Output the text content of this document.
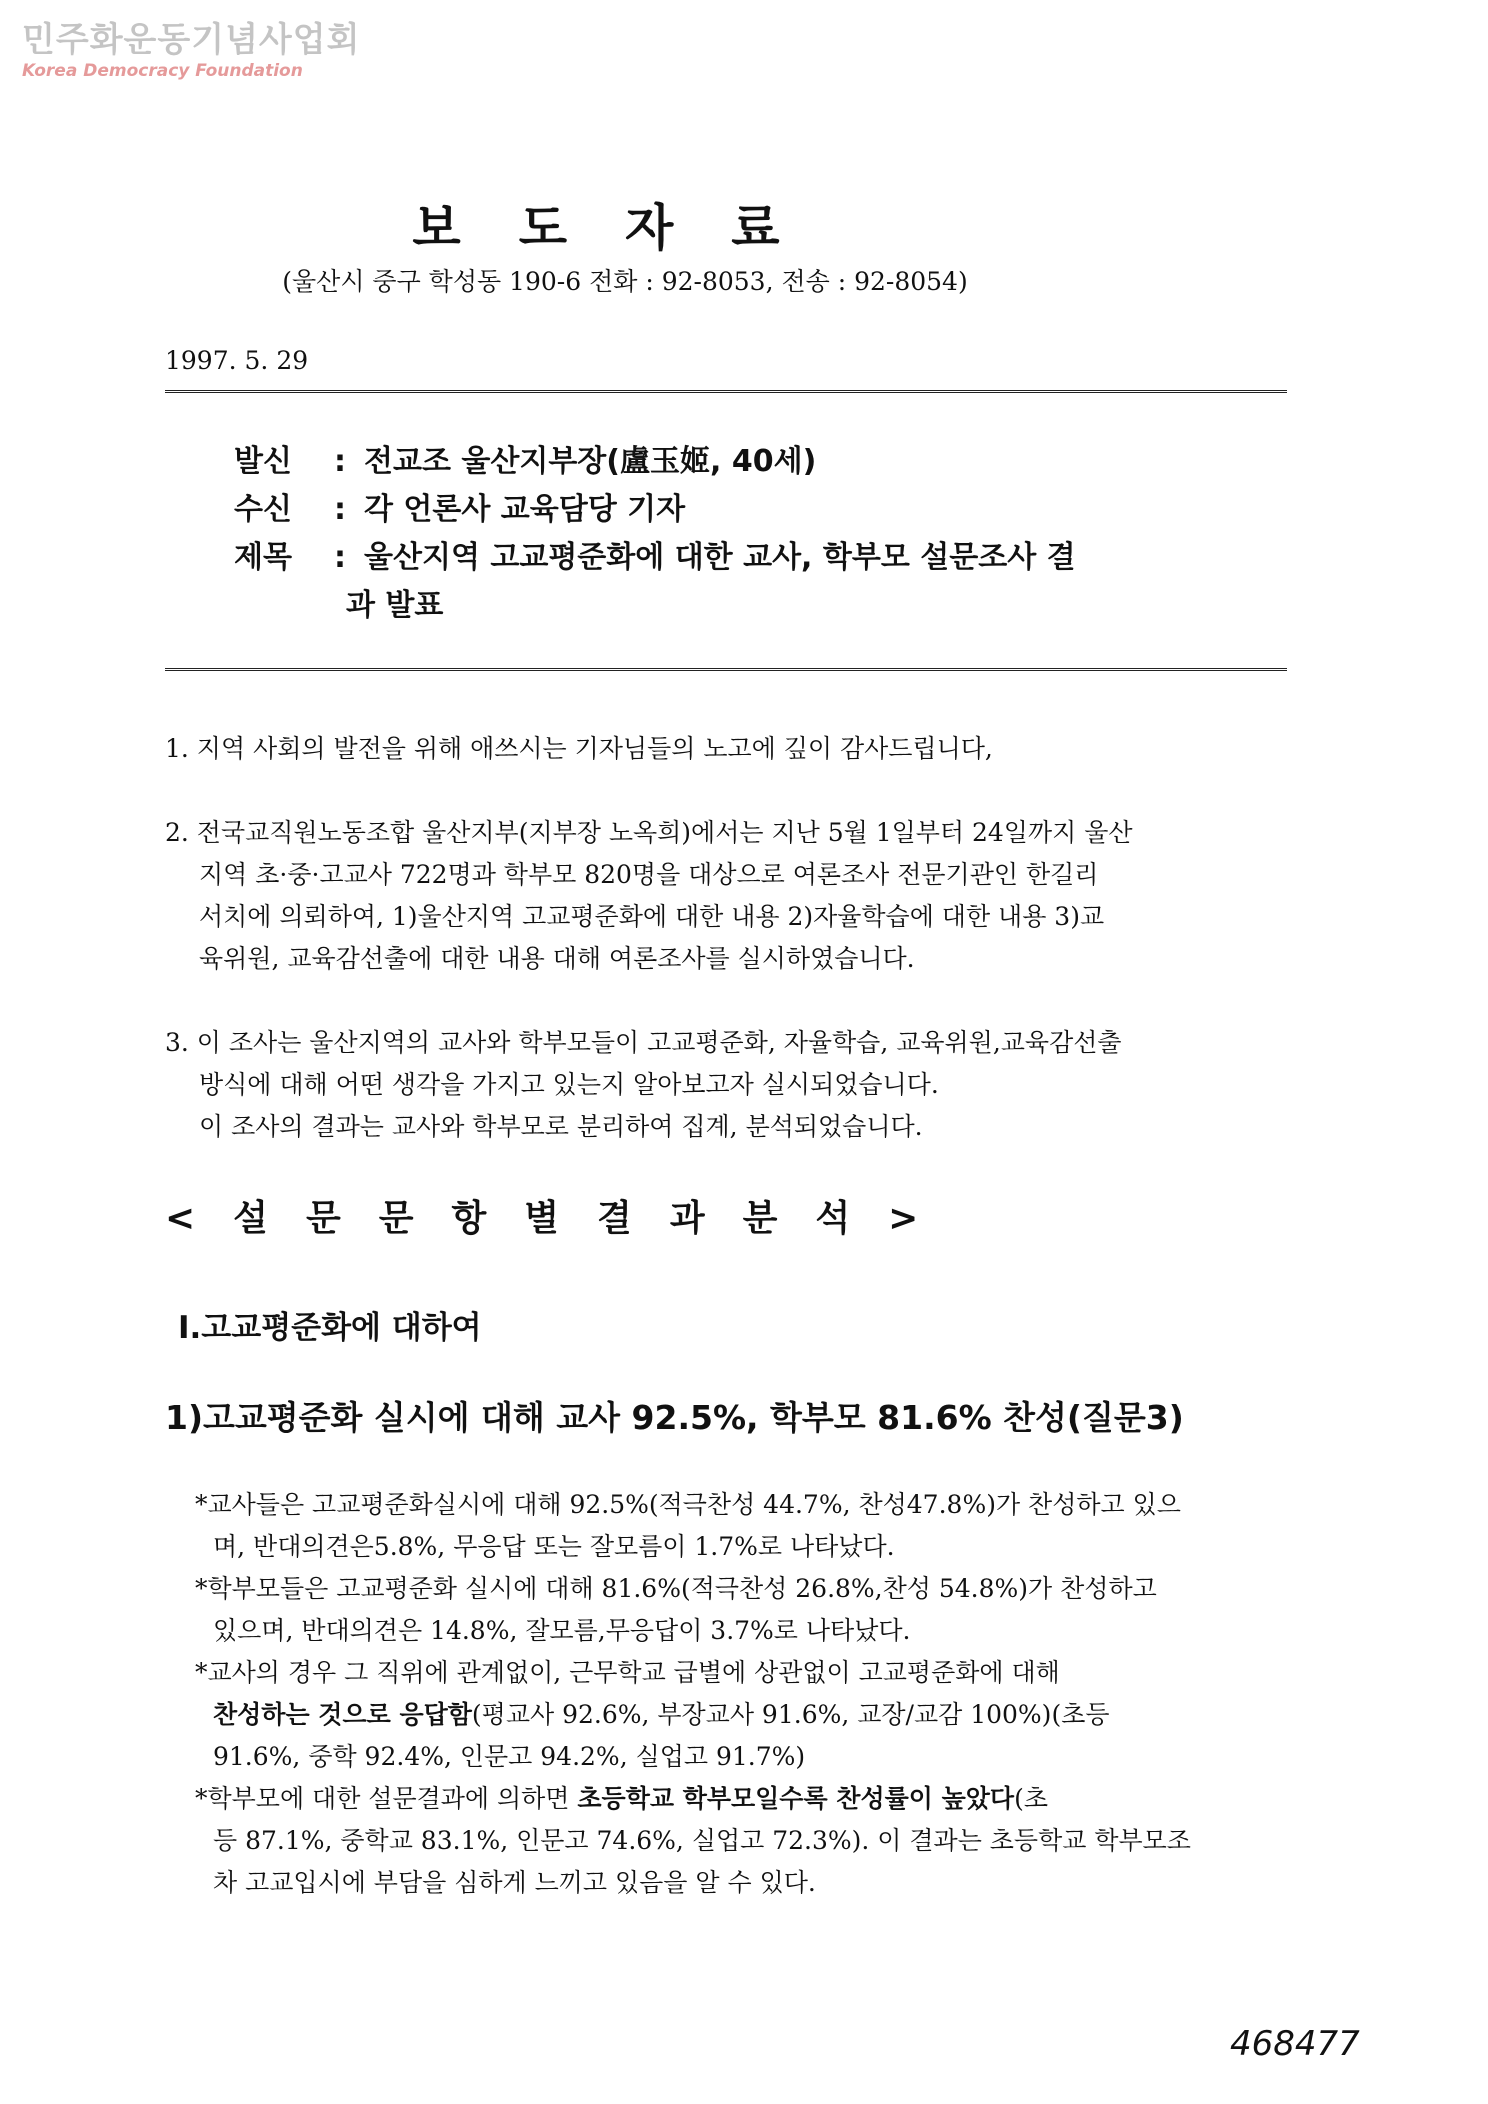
민주화운동기념사업회
Korea Democracy Foundation
보도자료
(울산시 중구 학성동 190-6 전화 : 92-8053, 전송 : 92-8054)
1997. 5. 29
발신 : 전교조 울산지부장(盧玉姬, 40세)
수신 : 각 언론사 교육담당 기자
제목 : 울산지역 고교평준화에 대한 교사, 학부모 설문조사 결
과 발표
1. 지역 사회의 발전을 위해 애쓰시는 기자님들의 노고에 깊이 감사드립니다,
2. 전국교직원노동조합 울산지부(지부장 노옥희)에서는 지난 5월 1일부터 24일까지 울산
지역 초·중·고교사 722명과 학부모 820명을 대상으로 여론조사 전문기관인 한길리
서치에 의뢰하여, 1)울산지역 고교평준화에 대한 내용 2)자율학습에 대한 내용 3)교
육위원, 교육감선출에 대한 내용 대해 여론조사를 실시하였습니다.
3. 이 조사는 울산지역의 교사와 학부모들이 고교평준화, 자율학습, 교육위원,교육감선출
방식에 대해 어떤 생각을 가지고 있는지 알아보고자 실시되었습니다.
이 조사의 결과는 교사와 학부모로 분리하여 집계, 분석되었습니다.
<설문문항별결과분석>
Ⅰ.고교평준화에 대하여
1)고교평준화 실시에 대해 교사 92.5%, 학부모 81.6% 찬성(질문3)
*교사들은 고교평준화실시에 대해 92.5%(적극찬성 44.7%, 찬성47.8%)가 찬성하고 있으
며, 반대의견은5.8%, 무응답 또는 잘모름이 1.7%로 나타났다.
*학부모들은 고교평준화 실시에 대해 81.6%(적극찬성 26.8%,찬성 54.8%)가 찬성하고
있으며, 반대의견은 14.8%, 잘모름,무응답이 3.7%로 나타났다.
*교사의 경우 그 직위에 관계없이, 근무학교 급별에 상관없이 고교평준화에 대해
찬성하는 것으로 응답함(평교사 92.6%, 부장교사 91.6%, 교장/교감 100%)(초등
91.6%, 중학 92.4%, 인문고 94.2%, 실업고 91.7%)
*학부모에 대한 설문결과에 의하면 초등학교 학부모일수록 찬성률이 높았다(초
등 87.1%, 중학교 83.1%, 인문고 74.6%, 실업고 72.3%). 이 결과는 초등학교 학부모조
차 고교입시에 부담을 심하게 느끼고 있음을 알 수 있다.
468477
